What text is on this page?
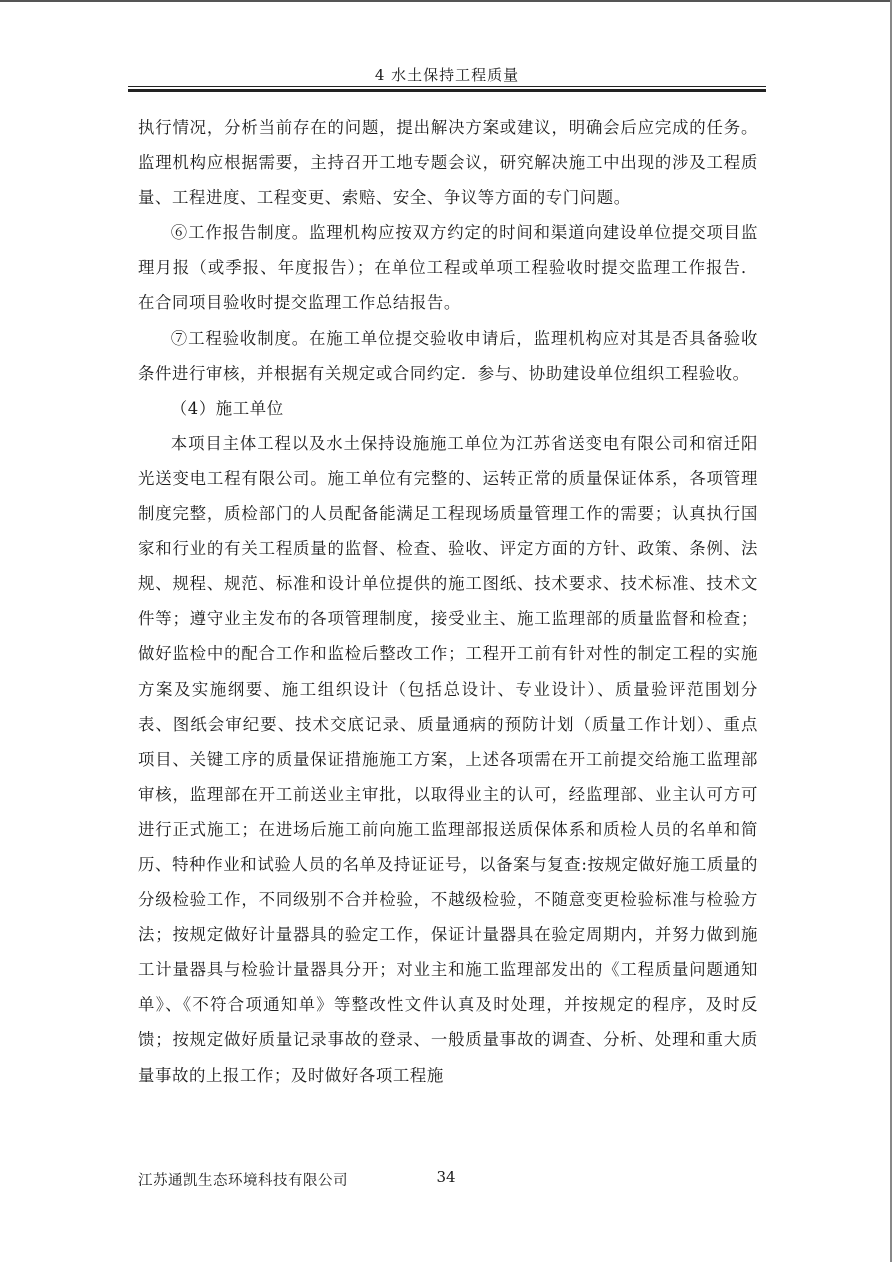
4 水土保持工程质量

执行情况，分析当前存在的问题，提出解决方案或建议，明确会后应完成的任务。监理机构应根据需要，主持召开工地专题会议，研究解决施工中出现的涉及工程质量、工程进度、工程变更、索赔、安全、争议等方面的专门问题。

⑥工作报告制度。监理机构应按双方约定的时间和渠道向建设单位提交项目监理月报（或季报、年度报告）；在单位工程或单项工程验收时提交监理工作报告．在合同项目验收时提交监理工作总结报告。

⑦工程验收制度。在施工单位提交验收申请后，监理机构应对其是否具备验收条件进行审核，并根据有关规定或合同约定．参与、协助建设单位组织工程验收。

（4）施工单位

本项目主体工程以及水土保持设施施工单位为江苏省送变电有限公司和宿迁阳光送变电工程有限公司。施工单位有完整的、运转正常的质量保证体系，各项管理制度完整，质检部门的人员配备能满足工程现场质量管理工作的需要；认真执行国家和行业的有关工程质量的监督、检查、验收、评定方面的方针、政策、条例、法规、规程、规范、标准和设计单位提供的施工图纸、技术要求、技术标准、技术文件等；遵守业主发布的各项管理制度，接受业主、施工监理部的质量监督和检查；做好监检中的配合工作和监检后整改工作；工程开工前有针对性的制定工程的实施方案及实施纲要、施工组织设计（包括总设计、专业设计）、质量验评范围划分表、图纸会审纪要、技术交底记录、质量通病的预防计划（质量工作计划）、重点项目、关键工序的质量保证措施施工方案，上述各项需在开工前提交给施工监理部审核，监理部在开工前送业主审批，以取得业主的认可，经监理部、业主认可方可进行正式施工；在进场后施工前向施工监理部报送质保体系和质检人员的名单和简历、特种作业和试验人员的名单及持证证号，以备案与复查:按规定做好施工质量的分级检验工作，不同级别不合并检验，不越级检验，不随意变更检验标准与检验方法；按规定做好计量器具的验定工作，保证计量器具在验定周期内，并努力做到施工计量器具与检验计量器具分开；对业主和施工监理部发出的《工程质量问题通知单》、《不符合项通知单》等整改性文件认真及时处理，并按规定的程序，及时反馈；按规定做好质量记录事故的登录、一般质量事故的调查、分析、处理和重大质量事故的上报工作；及时做好各项工程施

江苏通凯生态环境科技有限公司	34
